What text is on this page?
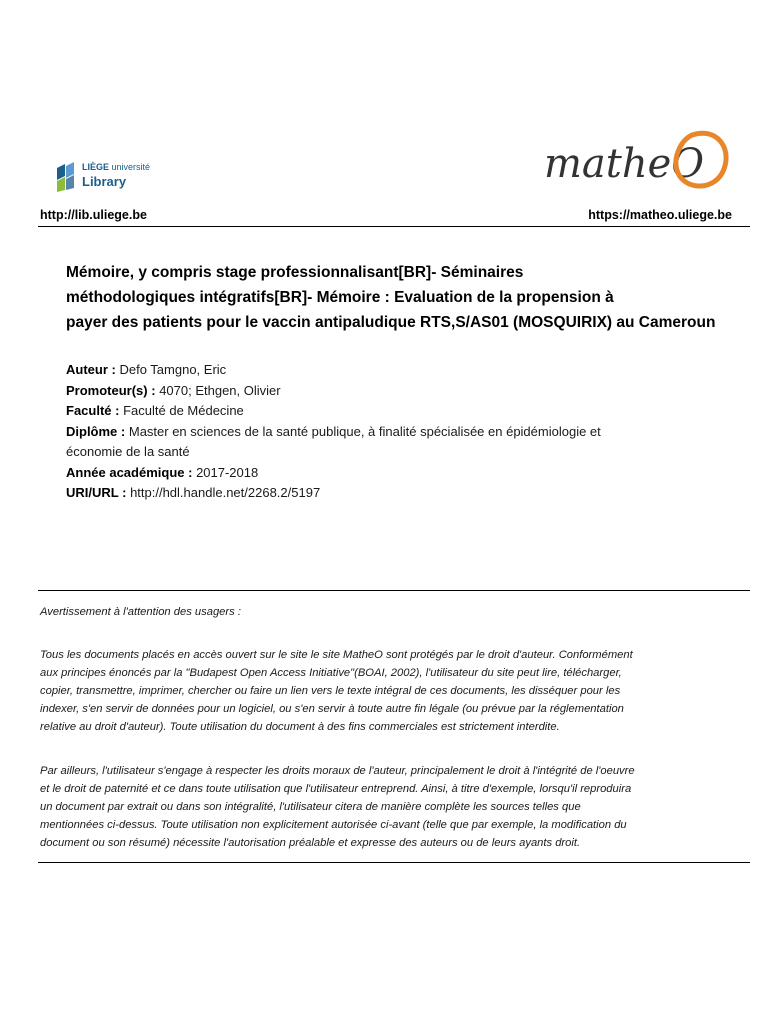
LIÈGE université
Library	matheO
http://lib.uliege.be	https://matheo.uliege.be
Mémoire, y compris stage professionnalisant[BR]- Séminaires
méthodologiques intégratifs[BR]- Mémoire : Evaluation de la propension à
payer des patients pour le vaccin antipaludique RTS,S/AS01 (MOSQUIRIX) au Cameroun
Auteur : Defo Tamgno, Eric
Promoteur(s) : 4070; Ethgen, Olivier
Faculté : Faculté de Médecine
Diplôme : Master en sciences de la santé publique, à finalité spécialisée en épidémiologie et
économie de la santé
Année académique : 2017-2018
URI/URL : http://hdl.handle.net/2268.2/5197
Avertissement à l'attention des usagers :
Tous les documents placés en accès ouvert sur le site le site MatheO sont protégés par le droit d'auteur. Conformément
aux principes énoncés par la "Budapest Open Access Initiative"(BOAI, 2002), l'utilisateur du site peut lire, télécharger,
copier, transmettre, imprimer, chercher ou faire un lien vers le texte intégral de ces documents, les disséquer pour les
indexer, s'en servir de données pour un logiciel, ou s'en servir à toute autre fin légale (ou prévue par la réglementation
relative au droit d'auteur). Toute utilisation du document à des fins commerciales est strictement interdite.
Par ailleurs, l'utilisateur s'engage à respecter les droits moraux de l'auteur, principalement le droit à l'intégrité de l'oeuvre
et le droit de paternité et ce dans toute utilisation que l'utilisateur entreprend. Ainsi, à titre d'exemple, lorsqu'il reproduira
un document par extrait ou dans son intégralité, l'utilisateur citera de manière complète les sources telles que
mentionnées ci-dessus. Toute utilisation non explicitement autorisée ci-avant (telle que par exemple, la modification du
document ou son résumé) nécessite l'autorisation préalable et expresse des auteurs ou de leurs ayants droit.
